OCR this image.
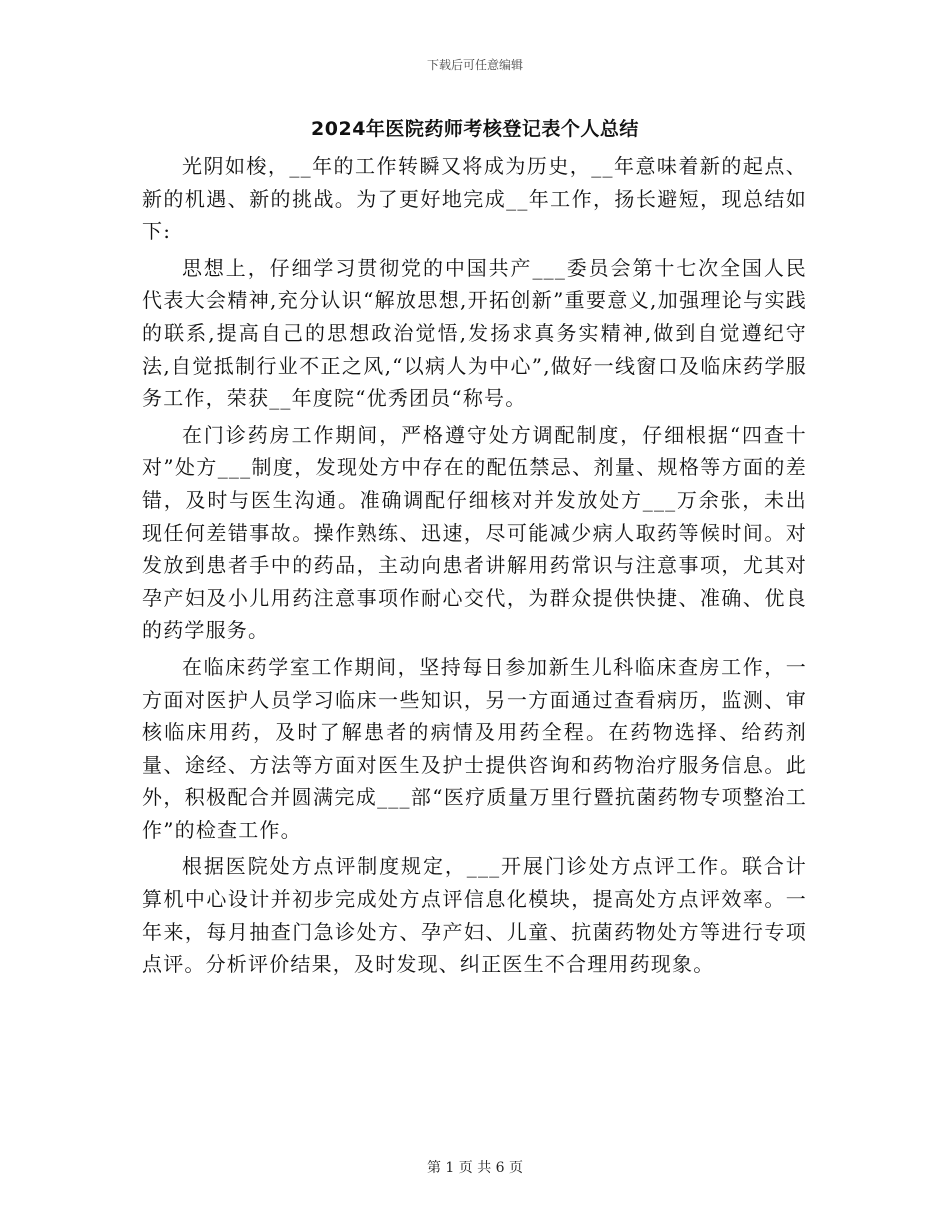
下载后可任意编辑
2024年医院药师考核登记表个人总结

光阴如梭，__年的工作转瞬又将成为历史，__年意味着新的起点、新的机遇、新的挑战。为了更好地完成__年工作，扬长避短，现总结如下:

思想上，仔细学习贯彻党的中国共产___委员会第十七次全国人民代表大会精神,充分认识“解放思想,开拓创新”重要意义,加强理论与实践的联系,提高自己的思想政治觉悟,发扬求真务实精神,做到自觉遵纪守法,自觉抵制行业不正之风,“以病人为中心”,做好一线窗口及临床药学服务工作，荣获__年度院“优秀团员“称号。

在门诊药房工作期间，严格遵守处方调配制度，仔细根据“四查十对”处方___制度，发现处方中存在的配伍禁忌、剂量、规格等方面的差错，及时与医生沟通。准确调配仔细核对并发放处方___万余张，未出现任何差错事故。操作熟练、迅速，尽可能减少病人取药等候时间。对发放到患者手中的药品，主动向患者讲解用药常识与注意事项，尤其对孕产妇及小儿用药注意事项作耐心交代，为群众提供快捷、准确、优良的药学服务。

在临床药学室工作期间，坚持每日参加新生儿科临床查房工作，一方面对医护人员学习临床一些知识，另一方面通过查看病历，监测、审核临床用药，及时了解患者的病情及用药全程。在药物选择、给药剂量、途经、方法等方面对医生及护士提供咨询和药物治疗服务信息。此外，积极配合并圆满完成___部“医疗质量万里行暨抗菌药物专项整治工作”的检查工作。

根据医院处方点评制度规定，___开展门诊处方点评工作。联合计算机中心设计并初步完成处方点评信息化模块，提高处方点评效率。一年来，每月抽查门急诊处方、孕产妇、儿童、抗菌药物处方等进行专项点评。分析评价结果，及时发现、纠正医生不合理用药现象。

第 1 页 共 6 页
